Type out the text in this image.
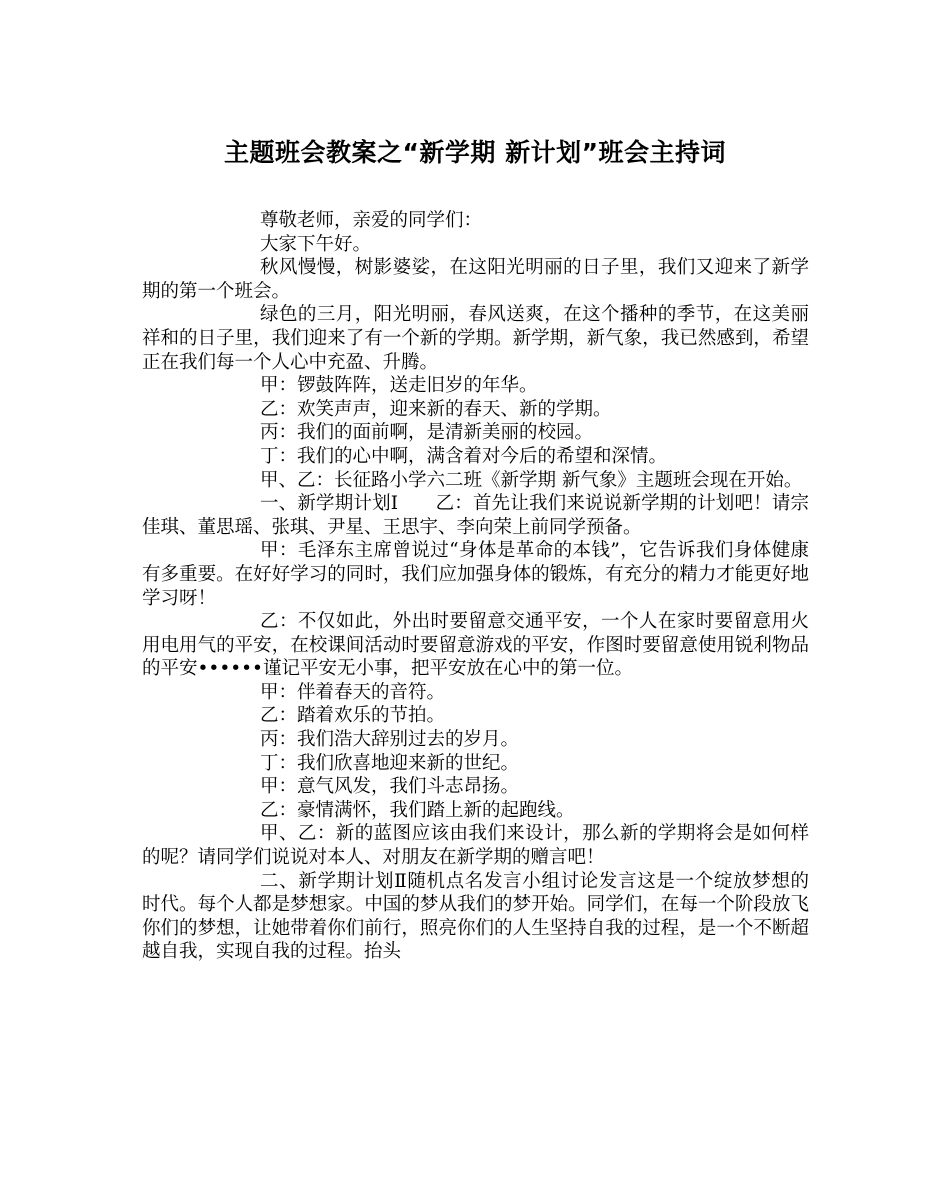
主题班会教案之“新学期 新计划”班会主持词

尊敬老师，亲爱的同学们：

大家下午好。

秋风慢慢，树影婆娑，在这阳光明丽的日子里，我们又迎来了新学期的第一个班会。

绿色的三月，阳光明丽，春风送爽，在这个播种的季节，在这美丽祥和的日子里，我们迎来了有一个新的学期。新学期，新气象，我已然感到，希望正在我们每一个人心中充盈、升腾。

甲：锣鼓阵阵，送走旧岁的年华。

乙：欢笑声声，迎来新的春天、新的学期。

丙：我们的面前啊，是清新美丽的校园。

丁：我们的心中啊，满含着对今后的希望和深情。

甲、乙：长征路小学六二班《新学期 新气象》主题班会现在开始。

一、新学期计划Ⅰ　　乙：首先让我们来说说新学期的计划吧！请宗佳琪、董思瑶、张琪、尹星、王思宇、李向荣上前同学预备。

甲：毛泽东主席曾说过“身体是革命的本钱”，它告诉我们身体健康有多重要。在好好学习的同时，我们应加强身体的锻炼，有充分的精力才能更好地学习呀！

乙：不仅如此，外出时要留意交通平安，一个人在家时要留意用火用电用气的平安，在校课间活动时要留意游戏的平安，作图时要留意使用锐利物品的平安••••••谨记平安无小事，把平安放在心中的第一位。

甲：伴着春天的音符。

乙：踏着欢乐的节拍。

丙：我们浩大辞别过去的岁月。

丁：我们欣喜地迎来新的世纪。

甲：意气风发，我们斗志昂扬。

乙：豪情满怀，我们踏上新的起跑线。

甲、乙：新的蓝图应该由我们来设计，那么新的学期将会是如何样的呢？请同学们说说对本人、对朋友在新学期的赠言吧！

二、新学期计划Ⅱ随机点名发言小组讨论发言这是一个绽放梦想的时代。每个人都是梦想家。中国的梦从我们的梦开始。同学们，在每一个阶段放飞你们的梦想，让她带着你们前行，照亮你们的人生坚持自我的过程，是一个不断超越自我，实现自我的过程。抬头
